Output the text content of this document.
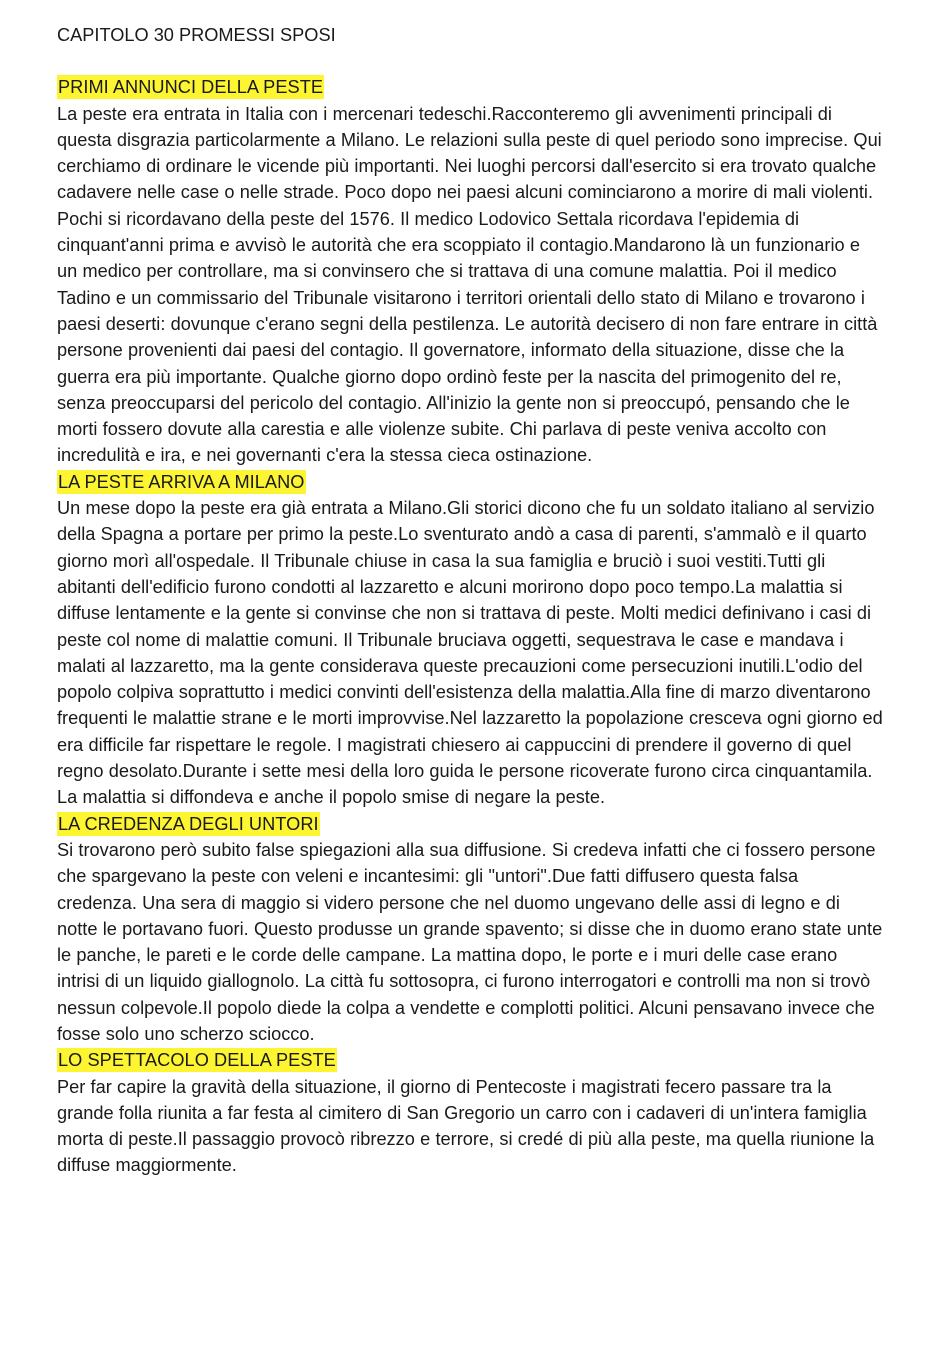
CAPITOLO 30 PROMESSI SPOSI
PRIMI ANNUNCI DELLA PESTE

La peste era entrata in Italia con i mercenari tedeschi.Racconteremo gli avvenimenti principali di questa disgrazia particolarmente a Milano. Le relazioni sulla peste di quel periodo sono imprecise. Qui cerchiamo di ordinare le vicende più importanti. Nei luoghi percorsi dall'esercito si era trovato qualche cadavere nelle case o nelle strade. Poco dopo nei paesi alcuni cominciarono a morire di mali violenti. Pochi si ricordavano della peste del 1576. Il medico Lodovico Settala ricordava l'epidemia di cinquant'anni prima e avvisò le autorità che era scoppiato il contagio.Mandarono là un funzionario e un medico per controllare, ma si convinsero che si trattava di una comune malattia. Poi il medico Tadino e un commissario del Tribunale visitarono i territori orientali dello stato di Milano e trovarono i paesi deserti: dovunque c'erano segni della pestilenza. Le autorità decisero di non fare entrare in città persone provenienti dai paesi del contagio. Il governatore, informato della situazione, disse che la guerra era più importante. Qualche giorno dopo ordinò feste per la nascita del primogenito del re, senza preoccuparsi del pericolo del contagio. All'inizio la gente non si preoccupó, pensando che le morti fossero dovute alla carestia e alle violenze subite. Chi parlava di peste veniva accolto con incredulità e ira, e nei governanti c'era la stessa cieca ostinazione.

LA PESTE ARRIVA A MILANO

Un mese dopo la peste era già entrata a Milano.Gli storici dicono che fu un soldato italiano al servizio della Spagna a portare per primo la peste.Lo sventurato andò a casa di parenti, s'ammalò e il quarto giorno morì all'ospedale. Il Tribunale chiuse in casa la sua famiglia e bruciò i suoi vestiti.Tutti gli abitanti dell'edificio furono condotti al lazzaretto e alcuni morirono dopo poco tempo.La malattia si diffuse lentamente e la gente si convinse che non si trattava di peste. Molti medici definivano i casi di peste col nome di malattie comuni. Il Tribunale bruciava oggetti, sequestrava le case e mandava i malati al lazzaretto, ma la gente considerava queste precauzioni come persecuzioni inutili.L'odio del popolo colpiva soprattutto i medici convinti dell'esistenza della malattia.Alla fine di marzo diventarono frequenti le malattie strane e le morti improvvise.Nel lazzaretto la popolazione cresceva ogni giorno ed era difficile far rispettare le regole. I magistrati chiesero ai cappuccini di prendere il governo di quel regno desolato.Durante i sette mesi della loro guida le persone ricoverate furono circa cinquantamila. La malattia si diffondeva e anche il popolo smise di negare la peste.

LA CREDENZA DEGLI UNTORI

Si trovarono però subito false spiegazioni alla sua diffusione. Si credeva infatti che ci fossero persone che spargevano la peste con veleni e incantesimi: gli "untori".Due fatti diffusero questa falsa credenza. Una sera di maggio si videro persone che nel duomo ungevano delle assi di legno e di notte le portavano fuori. Questo produsse un grande spavento; si disse che in duomo erano state unte le panche, le pareti e le corde delle campane. La mattina dopo, le porte e i muri delle case erano intrisi di un liquido giallognolo. La città fu sottosopra, ci furono interrogatori e controlli ma non si trovò nessun colpevole.Il popolo diede la colpa a vendette e complotti politici. Alcuni pensavano invece che fosse solo uno scherzo sciocco.

LO SPETTACOLO DELLA PESTE

Per far capire la gravità della situazione, il giorno di Pentecoste i magistrati fecero passare tra la grande folla riunita a far festa al cimitero di San Gregorio un carro con i cadaveri di un'intera famiglia morta di peste.Il passaggio provocò ribrezzo e terrore, si credé di più alla peste, ma quella riunione la diffuse maggiormente.
